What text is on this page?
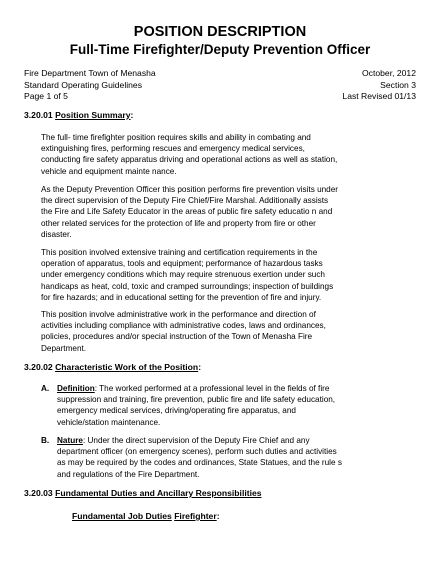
POSITION DESCRIPTION
Full-Time Firefighter/Deputy Prevention Officer
Fire Department Town of Menasha	October, 2012
Standard Operating Guidelines	Section 3
Page 1 of 5	Last Revised 01/13
3.20.01 Position Summary:
The full- time firefighter position requires skills and ability in combating and
extinguishing fires, performing rescues and emergency medical services,
conducting fire safety apparatus driving and operational actions as well as station,
vehicle and equipment mainte nance.
As the Deputy Prevention Officer this position performs fire prevention visits under
the direct supervision of the Deputy Fire Chief/Fire Marshal. Additionally assists
the Fire and Life Safety Educator in the areas of public fire safety educatio n and
other related services for the protection of life and property from fire or other
disaster.
This position involved extensive training and certification requirements in the
operation of apparatus, tools and equipment; performance of hazardous tasks
under emergency conditions which may require strenuous exertion under such
handicaps as heat, cold, toxic and cramped surroundings; inspection of buildings
for fire hazards; and in educational setting for the prevention of fire and injury.
This position involve administrative work in the performance and direction of
activities including compliance with administrative codes, laws and ordinances,
policies, procedures and/or special instruction of the Town of Menasha Fire
Department.
3.20.02 Characteristic Work of the Position:
A. Definition: The worked performed at a professional level in the fields of fire
suppression and training, fire prevention, public fire and life safety education,
emergency medical services, driving/operating fire apparatus, and
vehicle/station maintenance.
B. Nature: Under the direct supervision of the Deputy Fire Chief and any
department officer (on emergency scenes), perform such duties and activities
as may be required by the codes and ordinances, State Statues, and the rule s
and regulations of the Fire Department.
3.20.03 Fundamental Duties and Ancillary Responsibilities
Fundamental Job Duties Firefighter:
